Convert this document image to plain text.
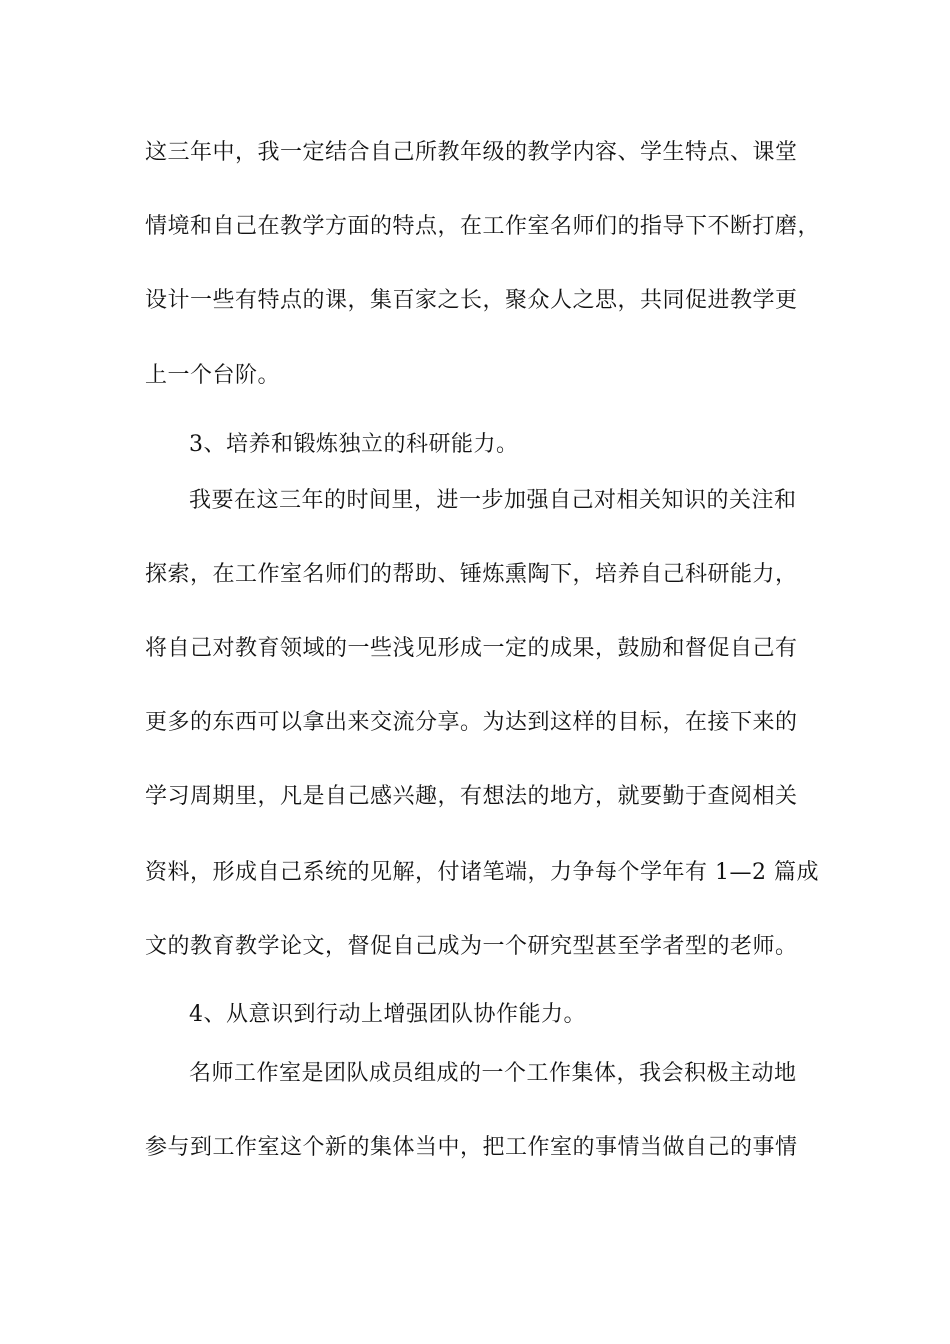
这三年中，我一定结合自己所教年级的教学内容、学生特点、课堂
情境和自己在教学方面的特点，在工作室名师们的指导下不断打磨，
设计一些有特点的课，集百家之长，聚众人之思，共同促进教学更
上一个台阶。
3、培养和锻炼独立的科研能力。
我要在这三年的时间里，进一步加强自己对相关知识的关注和
探索，在工作室名师们的帮助、锤炼熏陶下，培养自己科研能力，
将自己对教育领域的一些浅见形成一定的成果，鼓励和督促自己有
更多的东西可以拿出来交流分享。为达到这样的目标，在接下来的
学习周期里，凡是自己感兴趣，有想法的地方，就要勤于查阅相关
资料，形成自己系统的见解，付诸笔端，力争每个学年有 1—2 篇成
文的教育教学论文，督促自己成为一个研究型甚至学者型的老师。
4、从意识到行动上增强团队协作能力。
名师工作室是团队成员组成的一个工作集体，我会积极主动地
参与到工作室这个新的集体当中，把工作室的事情当做自己的事情
